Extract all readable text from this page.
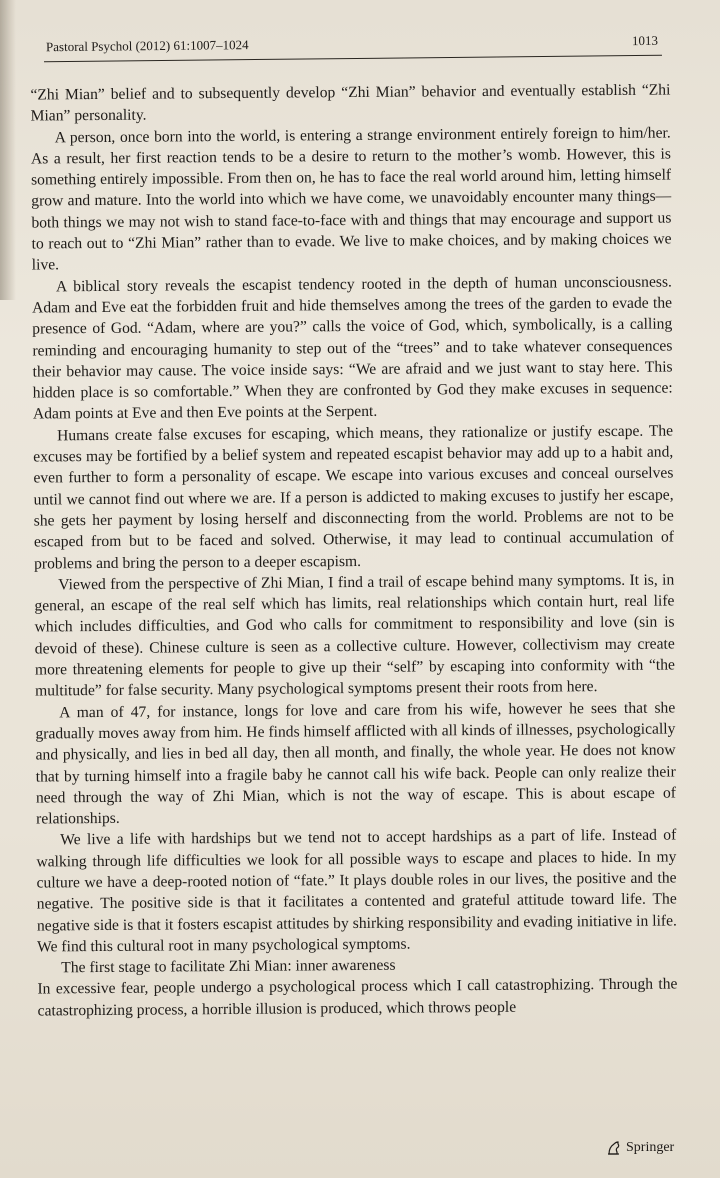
Pastoral Psychol (2012) 61:1007–1024	1013

“Zhi Mian” belief and to subsequently develop “Zhi Mian” behavior and eventually establish “Zhi Mian” personality.

A person, once born into the world, is entering a strange environment entirely foreign to him/her. As a result, her first reaction tends to be a desire to return to the mother’s womb. However, this is something entirely impossible. From then on, he has to face the real world around him, letting himself grow and mature. Into the world into which we have come, we unavoidably encounter many things—both things we may not wish to stand face-to-face with and things that may encourage and support us to reach out to “Zhi Mian” rather than to evade. We live to make choices, and by making choices we live.

A biblical story reveals the escapist tendency rooted in the depth of human unconsciousness. Adam and Eve eat the forbidden fruit and hide themselves among the trees of the garden to evade the presence of God. “Adam, where are you?” calls the voice of God, which, symbolically, is a calling reminding and encouraging humanity to step out of the “trees” and to take whatever consequences their behavior may cause. The voice inside says: “We are afraid and we just want to stay here. This hidden place is so comfortable.” When they are confronted by God they make excuses in sequence: Adam points at Eve and then Eve points at the Serpent.

Humans create false excuses for escaping, which means, they rationalize or justify escape. The excuses may be fortified by a belief system and repeated escapist behavior may add up to a habit and, even further to form a personality of escape. We escape into various excuses and conceal ourselves until we cannot find out where we are. If a person is addicted to making excuses to justify her escape, she gets her payment by losing herself and disconnecting from the world. Problems are not to be escaped from but to be faced and solved. Otherwise, it may lead to continual accumulation of problems and bring the person to a deeper escapism.

Viewed from the perspective of Zhi Mian, I find a trail of escape behind many symptoms. It is, in general, an escape of the real self which has limits, real relationships which contain hurt, real life which includes difficulties, and God who calls for commitment to responsibility and love (sin is devoid of these). Chinese culture is seen as a collective culture. However, collectivism may create more threatening elements for people to give up their “self” by escaping into conformity with “the multitude” for false security. Many psychological symptoms present their roots from here.

A man of 47, for instance, longs for love and care from his wife, however he sees that she gradually moves away from him. He finds himself afflicted with all kinds of illnesses, psychologically and physically, and lies in bed all day, then all month, and finally, the whole year. He does not know that by turning himself into a fragile baby he cannot call his wife back. People can only realize their need through the way of Zhi Mian, which is not the way of escape. This is about escape of relationships.

We live a life with hardships but we tend not to accept hardships as a part of life. Instead of walking through life difficulties we look for all possible ways to escape and places to hide. In my culture we have a deep-rooted notion of “fate.” It plays double roles in our lives, the positive and the negative. The positive side is that it facilitates a contented and grateful attitude toward life. The negative side is that it fosters escapist attitudes by shirking responsibility and evading initiative in life. We find this cultural root in many psychological symptoms.

The first stage to facilitate Zhi Mian: inner awareness

In excessive fear, people undergo a psychological process which I call catastrophizing. Through the catastrophizing process, a horrible illusion is produced, which throws people

Springer
